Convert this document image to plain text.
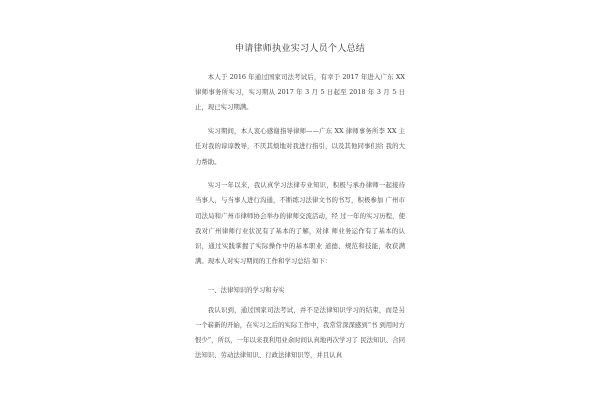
申请律师执业实习人员个人总结

本人于 2016 年通过国家司法考试后，有幸于 2017 年进入广东 XX 律师事务所实习，实习期从 2017 年 3 月 5 日起至 2018 年 3 月 5 日止，现已实习期满。

实习期间，本人衷心感谢指导律师——广东 XX 律师事务所李 XX 主任对我的谆谆教导，不厌其烦地对我进行指引，以及其他同事们给 我的大力帮助。

实习一年以来，我认真学习法律专业知识，积极与承办律师一起接待当事人，与当事人进行沟通，不断练习法律文书的书写，积极参加 广州市司法局和广州市律师协会举办的律师交流活动，经 过一年的实习历程，使我对广州律师行业状况有了基本的了解，对律 师业务运作有了基本的认识，通过实践掌握了实际操作中的基本职业 道德、规范和技能，收获满满。现本人对实习期间的工作和学习总结 如下：

一、法律知识的学习和夯实

我认识到，通过国家司法考试，并不是法律知识学习的结束，而是另一个崭新的开始，在实习之后的实际工作中，我常常深深感到“书 到用时方恨少”，所以，一年以来我利用业余时间认真地再次学习了 民法知识、合同法知识、劳动法律知识、行政法律知识等，并且认真
